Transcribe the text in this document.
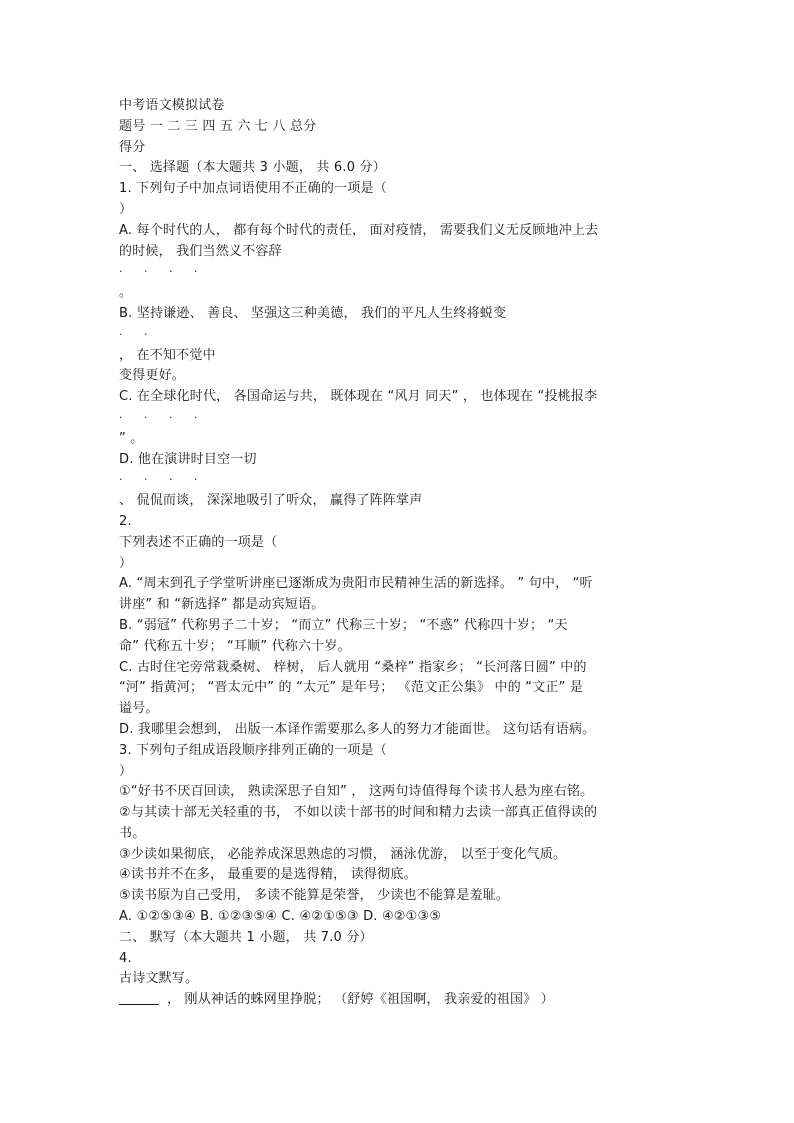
中考语文模拟试卷
题号 一 二 三 四 五 六 七 八 总分
得分
一、 选择题（本大题共 3 小题， 共 6.0 分）
1. 下列句子中加点词语使用不正确的一项是（
）
A. 每个时代的人， 都有每个时代的责任， 面对疫情， 需要我们义无反顾地冲上去
的时候， 我们当然义不容辞
· · · ·
。
B. 坚持谦逊、 善良、 坚强这三种美德， 我们的平凡人生终将蜕变
· ·
， 在不知不觉中
变得更好。
C. 在全球化时代， 各国命运与共， 既体现在 “风月 同天” ， 也体现在 “投桃报李
· · · ·
” 。
D. 他在演讲时目空一切
· · · ·
、 侃侃而谈， 深深地吸引了听众， 赢得了阵阵掌声
2.
下列表述不正确的一项是（
）
A. “周末到孔子学堂听讲座已逐渐成为贵阳市民精神生活的新选择。 ” 句中， “听
讲座” 和 “新选择” 都是动宾短语。
B. “弱冠” 代称男子二十岁； “而立” 代称三十岁； “不惑” 代称四十岁； “天
命” 代称五十岁； “耳顺” 代称六十岁。
C. 古时住宅旁常栽桑树、 梓树， 后人就用 “桑梓” 指家乡； “长河落日圆” 中的
“河” 指黄河； “晋太元中” 的 “太元” 是年号； 《范文正公集》 中的 “文正” 是
谥号。
D. 我哪里会想到， 出版一本译作需要那么多人的努力才能面世。 这句话有语病。
3. 下列句子组成语段顺序排列正确的一项是（
）
①“好书不厌百回读， 熟读深思子自知” ， 这两句诗值得每个读书人悬为座右铭。
②与其读十部无关轻重的书， 不如以读十部书的时间和精力去读一部真正值得读的
书。
③少读如果彻底， 必能养成深思熟虑的习惯， 涵泳优游， 以至于变化气质。
④读书并不在多， 最重要的是选得精， 读得彻底。
⑤读书原为自己受用， 多读不能算是荣誉， 少读也不能算是羞耻。
A. ①②⑤③④ B. ①②③⑤④ C. ④②①⑤③ D. ④②①③⑤
二、 默写（本大题共 1 小题， 共 7.0 分）
4.
古诗文默写。
， 刚从神话的蛛网里挣脱； （舒婷《祖国啊， 我亲爱的祖国》 ）
